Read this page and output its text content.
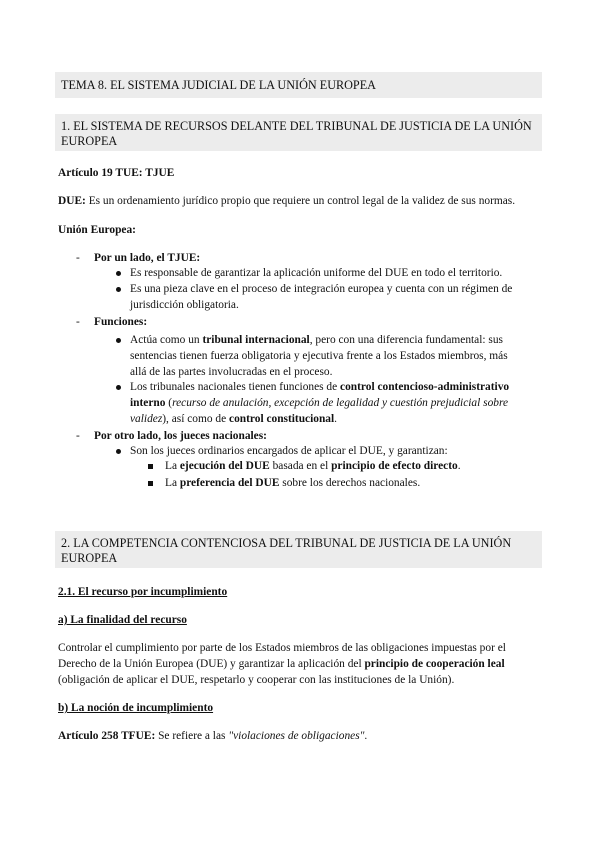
TEMA 8. EL SISTEMA JUDICIAL DE LA UNIÓN EUROPEA
1. EL SISTEMA DE RECURSOS DELANTE DEL TRIBUNAL DE JUSTICIA DE LA UNIÓN
EUROPEA
Artículo 19 TUE: TJUE
DUE: Es un ordenamiento jurídico propio que requiere un control legal de la validez de sus normas.
Unión Europea:
- Por un lado, el TJUE:
Es responsable de garantizar la aplicación uniforme del DUE en todo el territorio.
Es una pieza clave en el proceso de integración europea y cuenta con un régimen de
jurisdicción obligatoria.
- Funciones:
Actúa como un tribunal internacional, pero con una diferencia fundamental: sus
sentencias tienen fuerza obligatoria y ejecutiva frente a los Estados miembros, más
allá de las partes involucradas en el proceso.
Los tribunales nacionales tienen funciones de control contencioso-administrativo
interno (recurso de anulación, excepción de legalidad y cuestión prejudicial sobre
validez), así como de control constitucional.
- Por otro lado, los jueces nacionales:
Son los jueces ordinarios encargados de aplicar el DUE, y garantizan:
La ejecución del DUE basada en el principio de efecto directo.
La preferencia del DUE sobre los derechos nacionales.
2. LA COMPETENCIA CONTENCIOSA DEL TRIBUNAL DE JUSTICIA DE LA UNIÓN
EUROPEA
2.1. El recurso por incumplimiento
a) La finalidad del recurso
Controlar el cumplimiento por parte de los Estados miembros de las obligaciones impuestas por el
Derecho de la Unión Europea (DUE) y garantizar la aplicación del principio de cooperación leal
(obligación de aplicar el DUE, respetarlo y cooperar con las instituciones de la Unión).
b) La noción de incumplimiento
Artículo 258 TFUE: Se refiere a las "violaciones de obligaciones".
